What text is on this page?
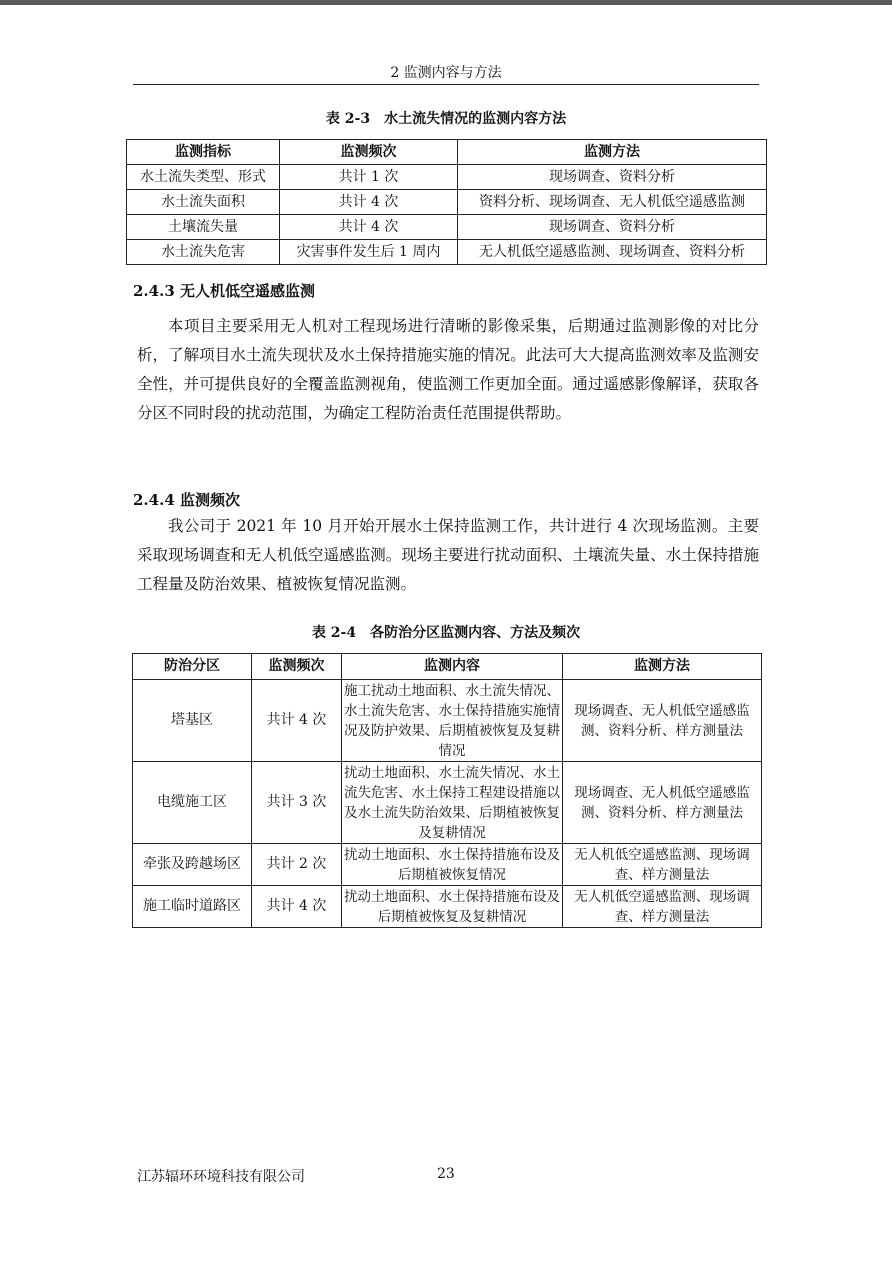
2 监测内容与方法
表 2-3　水土流失情况的监测内容方法
监测指标	监测频次	监测方法
水土流失类型、形式	共计 1 次	现场调查、资料分析
水土流失面积	共计 4 次	资料分析、现场调查、无人机低空遥感监测
土壤流失量	共计 4 次	现场调查、资料分析
水土流失危害	灾害事件发生后 1 周内	无人机低空遥感监测、现场调查、资料分析
2.4.3 无人机低空遥感监测

本项目主要采用无人机对工程现场进行清晰的影像采集，后期通过监测影像的对比分析，了解项目水土流失现状及水土保持措施实施的情况。此法可大大提高监测效率及监测安全性，并可提供良好的全覆盖监测视角，使监测工作更加全面。通过遥感影像解译，获取各分区不同时段的扰动范围，为确定工程防治责任范围提供帮助。

2.4.4 监测频次

我公司于 2021 年 10 月开始开展水土保持监测工作，共计进行 4 次现场监测。主要采取现场调查和无人机低空遥感监测。现场主要进行扰动面积、土壤流失量、水土保持措施工程量及防治效果、植被恢复情况监测。

表 2-4　各防治分区监测内容、方法及频次
防治分区	监测频次	监测内容	监测方法
塔基区	共计 4 次	施工扰动土地面积、水土流失情况、水土流失危害、水土保持措施实施情况及防护效果、后期植被恢复及复耕情况	现场调查、无人机低空遥感监测、资料分析、样方测量法
电缆施工区	共计 3 次	扰动土地面积、水土流失情况、水土流失危害、水土保持工程建设措施以及水土流失防治效果、后期植被恢复及复耕情况	现场调查、无人机低空遥感监测、资料分析、样方测量法
牵张及跨越场区	共计 2 次	扰动土地面积、水土保持措施布设及后期植被恢复情况	无人机低空遥感监测、现场调查、样方测量法
施工临时道路区	共计 4 次	扰动土地面积、水土保持措施布设及后期植被恢复及复耕情况	无人机低空遥感监测、现场调查、样方测量法
江苏辐环环境科技有限公司	23
